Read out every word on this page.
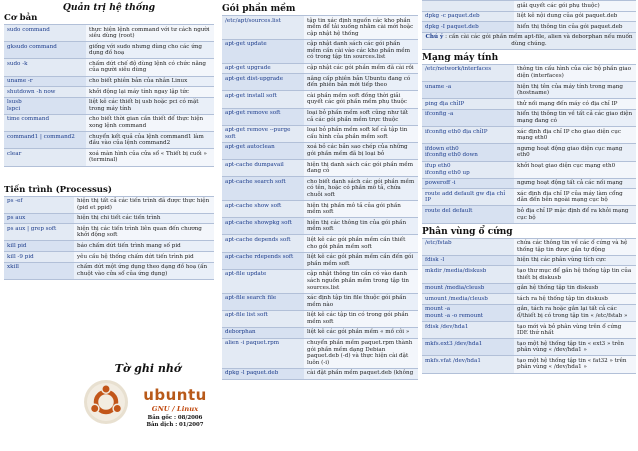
Quản trị hệ thống
Cơ bản
sudo command	thực hiện lệnh command với tư cách người siêu dùng (root)
gksudo command	giống với sudo nhưng dùng cho các ứng dụng đồ hoạ
sudo -k	chấm dứt chế độ dùng lệnh có chức năng của người siêu dùng
uname -r	cho biết phiên bản của nhân Linux
shutdown -h now	khởi động lại máy tính ngay lập tức
lsusb
lspci	liệt kê các thiết bị usb hoặc pci có mặt trong máy tính
time command	cho biết thời gian cần thiết để thực hiện xong lệnh command
command1 | command2	chuyển kết quả của lệnh command1 làm đầu vào của lệnh command2
clear	xoá màn hình của cửa sổ « Thiết bị cuối » (terminal)
Tiến trình (Processus)
ps -ef	hiện thị tất cả các tiến trình đã được thực hiện (pid et ppid)
ps aux	hiện thị chi tiết các tiến trình
ps aux | grep soft	hiện thị các tiến trình liên quan đến chương khởi động soft
kill pid	báo chấm dứt tiến trình mang số pid
kill -9 pid	yêu cầu hệ thống chấm dứt tiến trình pid
xkill	chấm dứt một ứng dụng theo dạng đồ hoạ (ấn chuột vào cửa sổ của ứng dụng)
Tờ ghi nhớ
ubuntu
GNU / Linux
Bản gốc : 08/2006
Bản dịch : 01/2007
Gói phần mềm
/etc/apt/sources.list	tập tin xác định nguồn các kho phần mềm để tải xuống nhằm cài mới hoặc cập nhật hệ thống
apt-get update	cập nhật danh sách các gói phần mềm cần cài vào các kho phần mềm có trong tập tin sources.list
apt-get upgrade	cập nhật các gói phần mềm đã cài rồi
apt-get dist-upgrade	nâng cấp phiên bản Ubuntu đang có đến phiên bản mới tiếp theo
apt-get install soft	cài phần mềm soft đồng thời giải quyết các gói phần mềm phụ thuộc
apt-get remove soft	loại bỏ phần mềm soft cũng như tất cả các gói phần mềm trực thuộc
apt-get remove --purge soft	loại bỏ phần mềm soft kể cả tập tin cấu hình của phần mềm soft
apt-get autoclean	xoá bỏ các bản sao chép của những gói phần mềm đã bị loại bỏ
apt-cache dumpavail	hiện thị danh sách các gói phần mềm đang có
apt-cache search soft	cho biết danh sách các gói phần mềm có tên, hoặc có phần mô tả, chứa chuỗi soft
apt-cache show soft	hiện thị phần mô tả của gói phần mềm soft
apt-cache showpkg soft	hiện thị các thông tin của gói phần mềm soft
apt-cache depends soft	liệt kê các gói phần mềm cần thiết cho gói phần mềm soft
apt-cache rdepends soft	liệt kê các gói phần mềm cần đến gói phần mềm soft
apt-file update	cập nhật thông tin cần có vào danh sách nguồn phần mềm trong tập tin sources.list
apt-file search file	xác định tập tin file thuộc gói phần mềm nào
apt-file list soft	liệt kê các tập tin có trong gói phần mềm soft
deborphan	liệt kê các gói phần mềm « mồ côi »
alien -i paquet.rpm	chuyển phần mềm paquet.rpm thành gói phần mềm dạng Debian paquet.deb (-d) và thực hiện cài đặt luôn (-i)
dpkg -l paquet.deb	cài đặt phần mềm paquet.deb (không
	giải quyết các gói phụ thuộc)
dpkg -c paquet.deb	liệt kê nội dung của gói paquet.deb
dpkg -I paquet.deb	hiển thị thông tin của gói paquet.deb
Chú ý : cần cài các gói phần mềm apt-file, alien và deborphan nếu muốn dùng chúng.
Mạng máy tính
/etc/network/interfaces	thông tin cấu hình của các bộ phần giao diện (interfaces)
uname -a	hiện thị tên của máy tính trong mạng (hostname)
ping địa chỉIP	thử nối mạng đến máy có địa chỉ IP
ifconfig -a	hiển thị thông tin về tất cả các giao diện mạng đang có
ifconfig eth0 địa chỉIP	xác định địa chỉ IP cho giao diện cục mạng eth0
ifdown eth0
ifconfig eth0 down	ngưng hoạt động giao diện cục mạng eth0
ifup eth0
ifconfig eth0 up	khởi hoạt giao diện cục mạng eth0
poweroff -i	ngưng hoạt động tất cả các nối mạng
route add default gw địa chỉ IP	xác định địa chỉ IP của máy làm cổng dẫn đến bên ngoài mạng cục bộ
route del default	bỏ địa chỉ IP mặc định để ra khỏi mạng cục bộ
Phân vùng ổ cứng
/etc/fstab	chứa các thông tin về các ổ cứng và hệ thống tập tin được gắn tự động
fdisk -l	hiện thị các phân vùng tích cực
mkdir /media/diskusb	tạo thư mục để gắn hệ thống tập tin của thiết bị diskusb
mount /media/cleusb	gắn hệ thống tập tin diskusb
umount /media/cleusb	tách ra hệ thống tập tin diskusb
mount -a
mount -a -o remount	gắn, tách ra hoặc gắn lại tất cả các ổ/thiết bị có trong tập tin « /etc/fstab »
fdisk /dev/hda1	tạo mới và bỏ phân vùng trên ổ cứng IDE thứ nhất
mkfs.ext3 /dev/hda1	tạo một hệ thống tập tin « ext3 » trên phân vùng « /dev/hda1 »
mkfs.vfat /dev/hda1	tạo một hệ thống tập tin « fat32 » trên phân vùng « /dev/hda1 »
